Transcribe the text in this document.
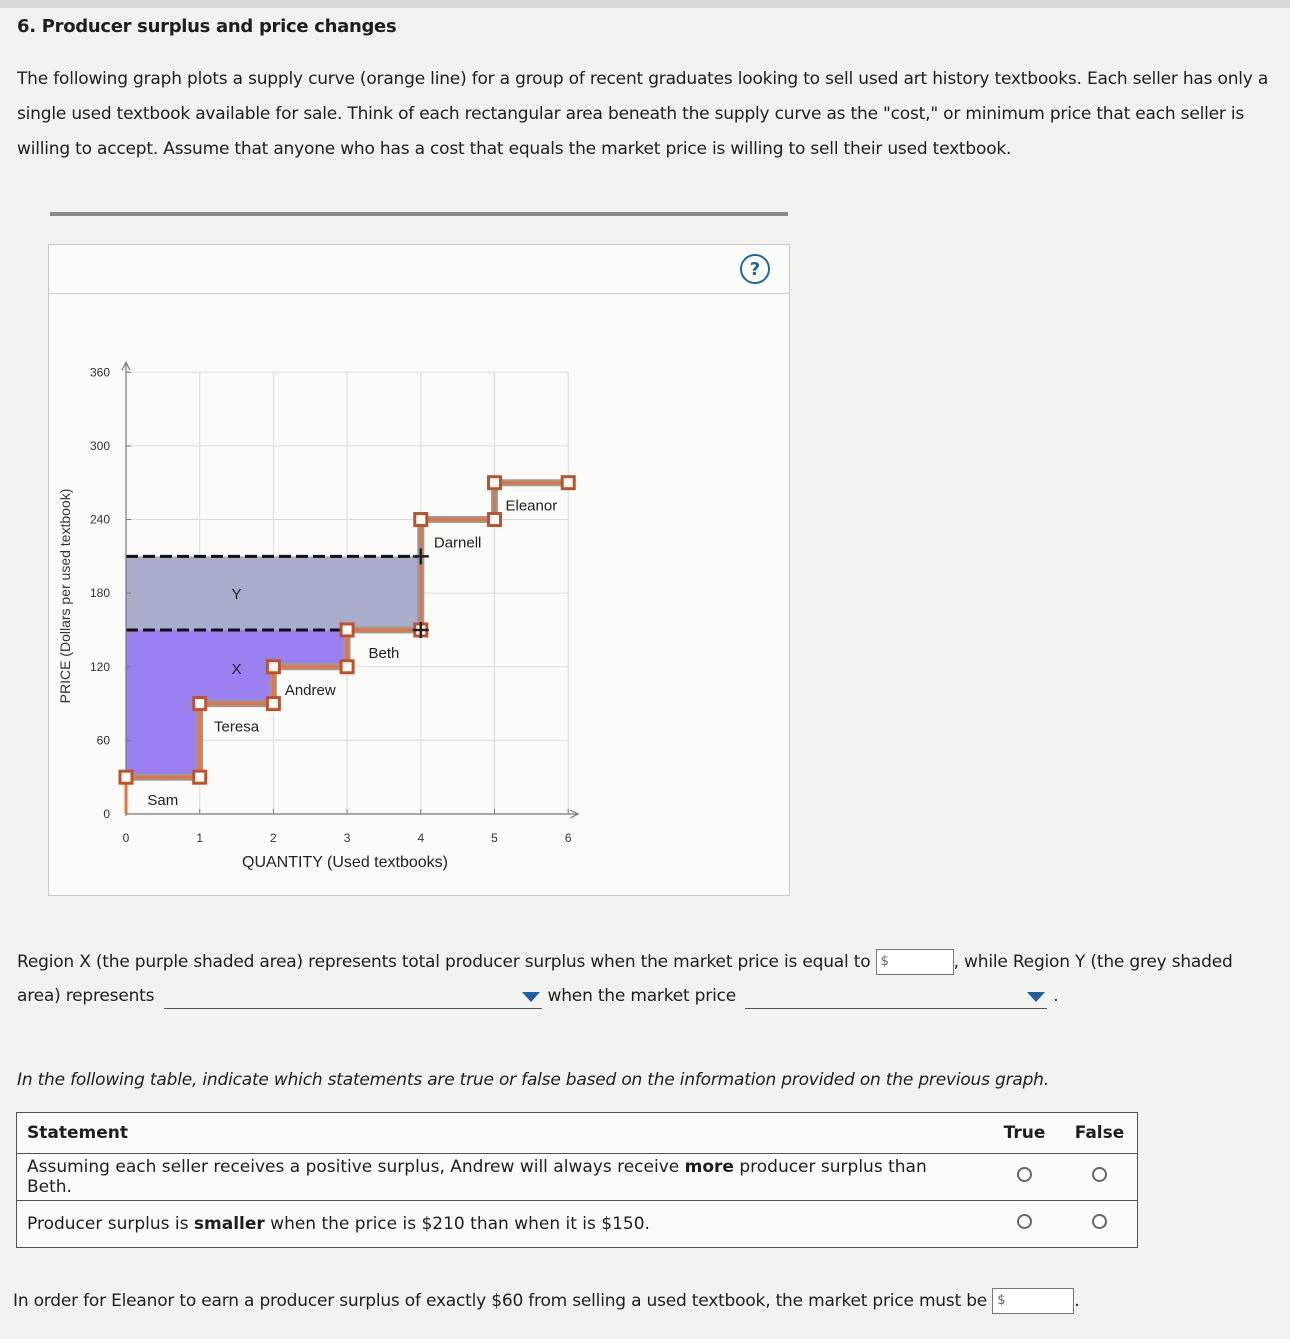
6. Producer surplus and price changes
The following graph plots a supply curve (orange line) for a group of recent graduates looking to sell used art history textbooks. Each seller has only a single used textbook available for sale. Think of each rectangular area beneath the supply curve as the "cost," or minimum price that each seller is willing to accept. Assume that anyone who has a cost that equals the market price is willing to sell their used textbook.
?
0
60
120
180
240
300
360
0	1	2	3	4	5	6
Sam
Teresa
Andrew
Beth
Darnell
Eleanor
X
Y
PRICE (Dollars per used textbook)
QUANTITY (Used textbooks)
Region X (the purple shaded area) represents total producer surplus when the market price is equal to $	, while Region Y (the grey shaded area) represents	when the market price	.
In the following table, indicate which statements are true or false based on the information provided on the previous graph.
Statement	True	False
Assuming each seller receives a positive surplus, Andrew will always receive more producer surplus than Beth.		
Producer surplus is smaller when the price is $210 than when it is $150.		
In order for Eleanor to earn a producer surplus of exactly $60 from selling a used textbook, the market price must be $	.
